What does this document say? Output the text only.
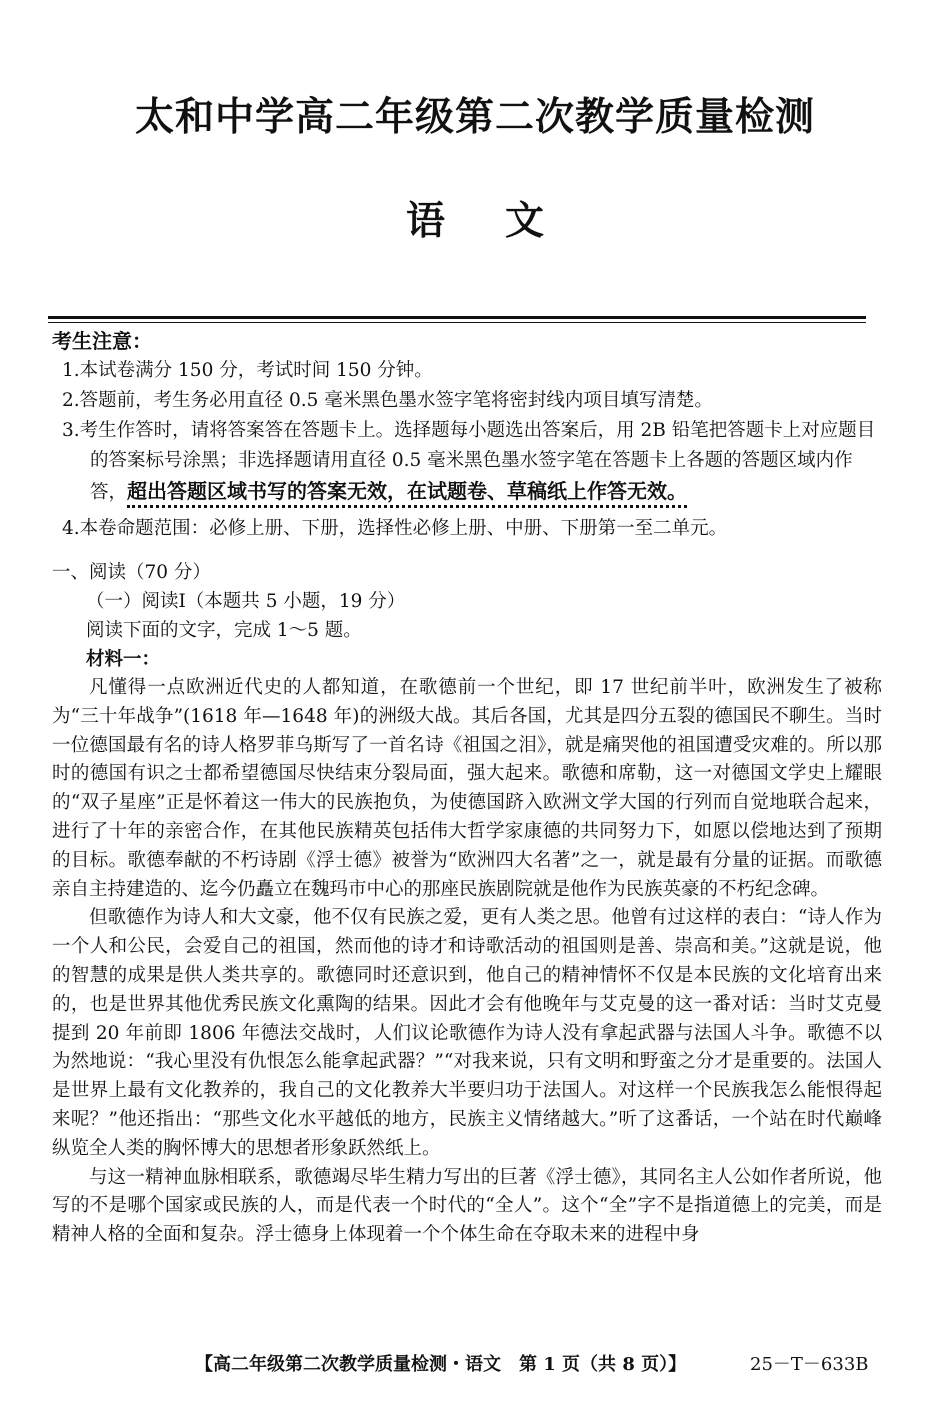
太和中学高二年级第二次教学质量检测
语文
考生注意：
1.本试卷满分 150 分，考试时间 150 分钟。
2.答题前，考生务必用直径 0.5 毫米黑色墨水签字笔将密封线内项目填写清楚。
3.考生作答时，请将答案答在答题卡上。选择题每小题选出答案后，用 2B 铅笔把答题卡上对应题目的答案标号涂黑；非选择题请用直径 0.5 毫米黑色墨水签字笔在答题卡上各题的答题区域内作答，超出答题区域书写的答案无效，在试题卷、草稿纸上作答无效。
4.本卷命题范围：必修上册、下册，选择性必修上册、中册、下册第一至二单元。
一、阅读（70 分）
（一）阅读Ⅰ（本题共 5 小题，19 分）
阅读下面的文字，完成 1～5 题。
材料一：

凡懂得一点欧洲近代史的人都知道，在歌德前一个世纪，即 17 世纪前半叶，欧洲发生了被称为“三十年战争”(1618 年—1648 年)的洲级大战。其后各国，尤其是四分五裂的德国民不聊生。当时一位德国最有名的诗人格罗菲乌斯写了一首名诗《祖国之泪》，就是痛哭他的祖国遭受灾难的。所以那时的德国有识之士都希望德国尽快结束分裂局面，强大起来。歌德和席勒，这一对德国文学史上耀眼的“双子星座”正是怀着这一伟大的民族抱负，为使德国跻入欧洲文学大国的行列而自觉地联合起来，进行了十年的亲密合作，在其他民族精英包括伟大哲学家康德的共同努力下，如愿以偿地达到了预期的目标。歌德奉献的不朽诗剧《浮士德》被誉为“欧洲四大名著”之一，就是最有分量的证据。而歌德亲自主持建造的、迄今仍矗立在魏玛市中心的那座民族剧院就是他作为民族英豪的不朽纪念碑。

但歌德作为诗人和大文豪，他不仅有民族之爱，更有人类之思。他曾有过这样的表白：“诗人作为一个人和公民，会爱自己的祖国，然而他的诗才和诗歌活动的祖国则是善、崇高和美。”这就是说，他的智慧的成果是供人类共享的。歌德同时还意识到，他自己的精神情怀不仅是本民族的文化培育出来的，也是世界其他优秀民族文化熏陶的结果。因此才会有他晚年与艾克曼的这一番对话：当时艾克曼提到 20 年前即 1806 年德法交战时，人们议论歌德作为诗人没有拿起武器与法国人斗争。歌德不以为然地说：“我心里没有仇恨怎么能拿起武器？”“对我来说，只有文明和野蛮之分才是重要的。法国人是世界上最有文化教养的，我自己的文化教养大半要归功于法国人。对这样一个民族我怎么能恨得起来呢？”他还指出：“那些文化水平越低的地方，民族主义情绪越大。”听了这番话，一个站在时代巅峰纵览全人类的胸怀博大的思想者形象跃然纸上。

与这一精神血脉相联系，歌德竭尽毕生精力写出的巨著《浮士德》，其同名主人公如作者所说，他写的不是哪个国家或民族的人，而是代表一个时代的“全人”。这个“全”字不是指道德上的完美，而是精神人格的全面和复杂。浮士德身上体现着一个个体生命在夺取未来的进程中身

【高二年级第二次教学质量检测・语文　第 1 页（共 8 页）】	25－T－633B
